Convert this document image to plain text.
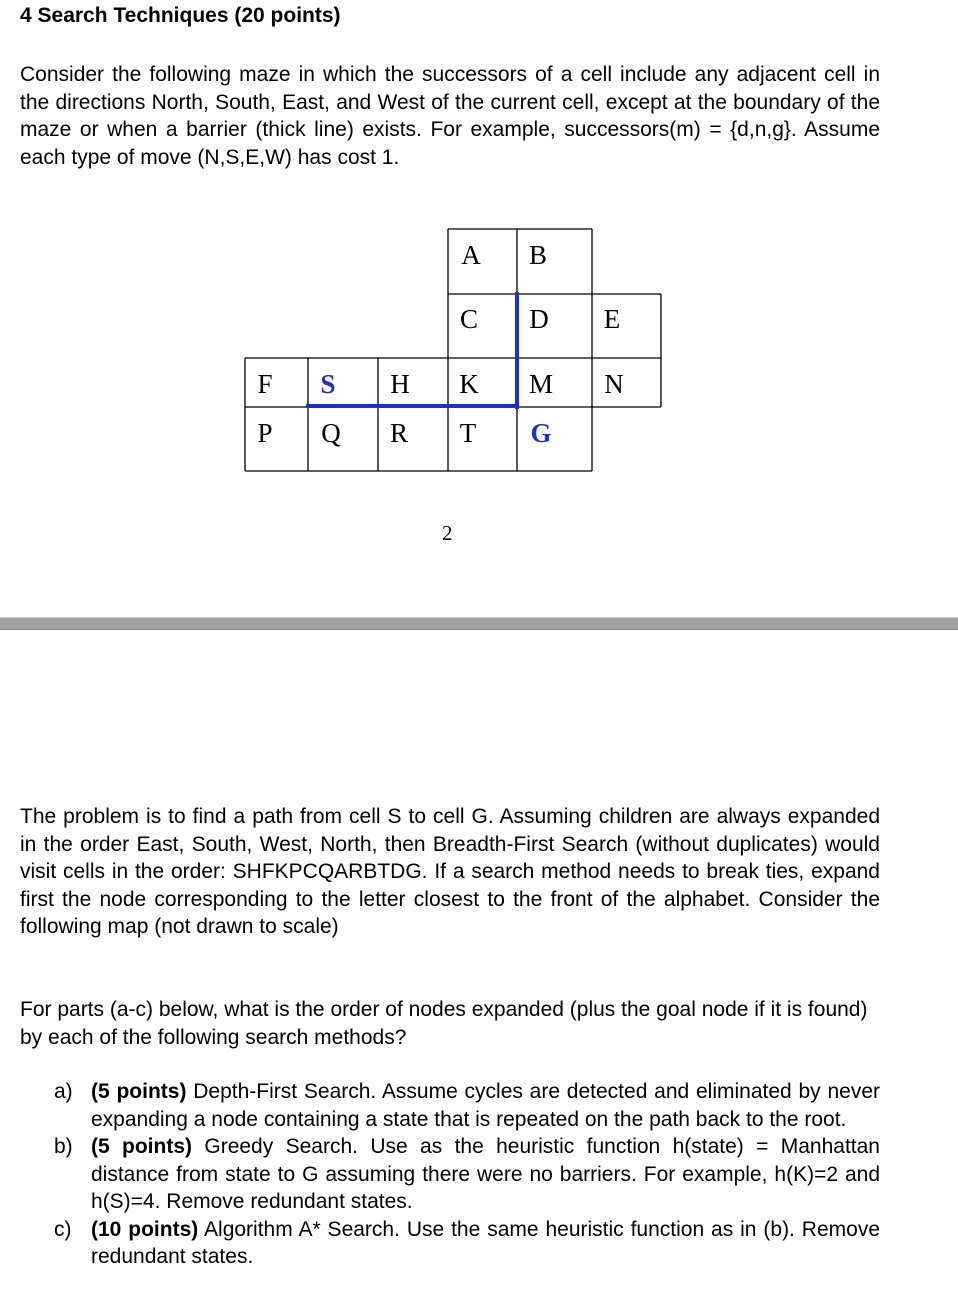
4 Search Techniques (20 points)

Consider the following maze in which the successors of a cell include any adjacent cell in the directions North, South, East, and West of the current cell, except at the boundary of the maze or when a barrier (thick line) exists. For example, successors(m) = {d,n,g}. Assume each type of move (N,S,E,W) has cost 1.

A B
C D E
F S H K M N
P Q R T G
2

The problem is to find a path from cell S to cell G. Assuming children are always expanded in the order East, South, West, North, then Breadth-First Search (without duplicates) would visit cells in the order: SHFKPCQARBTDG. If a search method needs to break ties, expand first the node corresponding to the letter closest to the front of the alphabet. Consider the following map (not drawn to scale)

For parts (a-c) below, what is the order of nodes expanded (plus the goal node if it is found) by each of the following search methods?

a) (5 points) Depth-First Search. Assume cycles are detected and eliminated by never expanding a node containing a state that is repeated on the path back to the root.
b) (5 points) Greedy Search. Use as the heuristic function h(state) = Manhattan distance from state to G assuming there were no barriers. For example, h(K)=2 and h(S)=4. Remove redundant states.
c) (10 points) Algorithm A* Search. Use the same heuristic function as in (b). Remove redundant states.
